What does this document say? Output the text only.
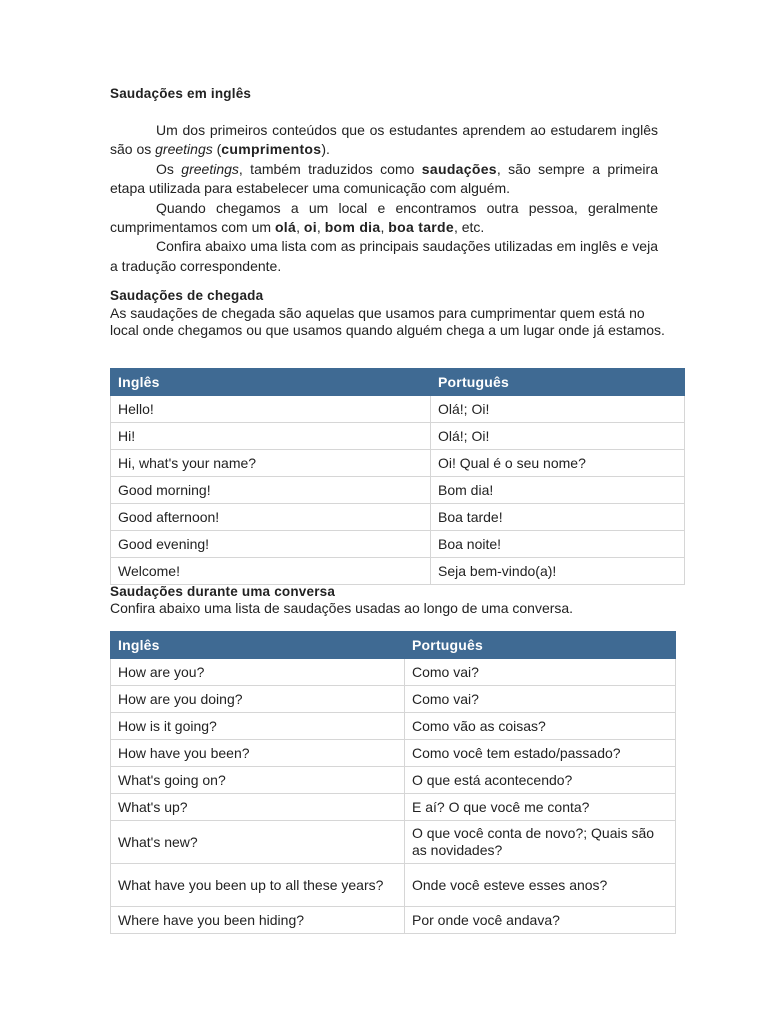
Saudações em inglês

Um dos primeiros conteúdos que os estudantes aprendem ao estudarem inglês são os greetings (cumprimentos).

Os greetings, também traduzidos como saudações, são sempre a primeira etapa utilizada para estabelecer uma comunicação com alguém.

Quando chegamos a um local e encontramos outra pessoa, geralmente cumprimentamos com um olá, oi, bom dia, boa tarde, etc.

Confira abaixo uma lista com as principais saudações utilizadas em inglês e veja a tradução correspondente.

Saudações de chegada
As saudações de chegada são aquelas que usamos para cumprimentar quem está no local onde chegamos ou que usamos quando alguém chega a um lugar onde já estamos.
Saudações durante uma conversa
Confira abaixo uma lista de saudações usadas ao longo de uma conversa.
Inglês	Português
Hello!	Olá!; Oi!
Hi!	Olá!; Oi!
Hi, what's your name?	Oi! Qual é o seu nome?
Good morning!	Bom dia!
Good afternoon!	Boa tarde!
Good evening!	Boa noite!
Welcome!	Seja bem-vindo(a)!
Inglês	Português
How are you?	Como vai?
How are you doing?	Como vai?
How is it going?	Como vão as coisas?
How have you been?	Como você tem estado/passado?
What's going on?	O que está acontecendo?
What's up?	E aí? O que você me conta?
What's new?	O que você conta de novo?; Quais são as novidades?
What have you been up to all these years?	Onde você esteve esses anos?
Where have you been hiding?	Por onde você andava?
